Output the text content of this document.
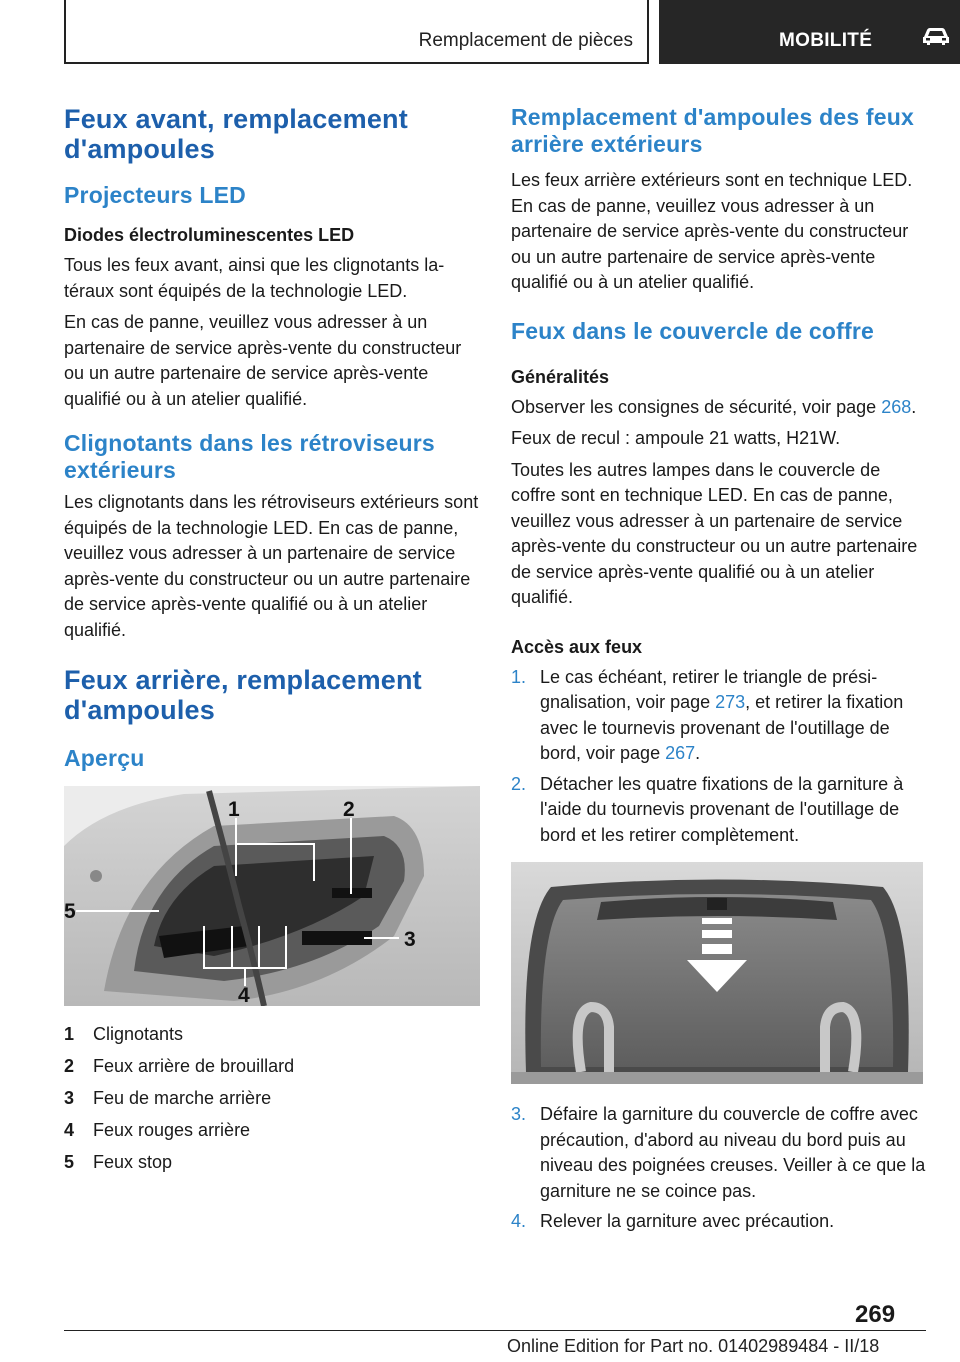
Remplacement de pièces	MOBILITÉ
Feux avant, remplacement d'ampoules
Projecteurs LED
Diodes électroluminescentes LED
Tous les feux avant, ainsi que les clignotants latéraux sont équipés de la technologie LED.
En cas de panne, veuillez vous adresser à un partenaire de service après-vente du constructeur ou un autre partenaire de service après-vente qualifié ou à un atelier qualifié.
Clignotants dans les rétroviseurs extérieurs
Les clignotants dans les rétroviseurs extérieurs sont équipés de la technologie LED. En cas de panne, veuillez vous adresser à un partenaire de service après-vente du constructeur ou un autre partenaire de service après-vente qualifié ou à un atelier qualifié.
Feux arrière, remplacement d'ampoules
Aperçu
1	2
3
4
5
1	Clignotants
2	Feux arrière de brouillard
3	Feu de marche arrière
4	Feux rouges arrière
5	Feux stop
Remplacement d'ampoules des feux arrière extérieurs
Les feux arrière extérieurs sont en technique LED. En cas de panne, veuillez vous adresser à un partenaire de service après-vente du constructeur ou un autre partenaire de service après-vente qualifié ou à un atelier qualifié.
Feux dans le couvercle de coffre
Généralités
Observer les consignes de sécurité, voir page 268.
Feux de recul : ampoule 21 watts, H21W.
Toutes les autres lampes dans le couvercle de coffre sont en technique LED. En cas de panne, veuillez vous adresser à un partenaire de service après-vente du constructeur ou un autre partenaire de service après-vente qualifié ou à un atelier qualifié.
Accès aux feux
1. Le cas échéant, retirer le triangle de présignalisation, voir page 273, et retirer la fixation avec le tournevis provenant de l'outillage de bord, voir page 267.
2. Détacher les quatre fixations de la garniture à l'aide du tournevis provenant de l'outillage de bord et les retirer complètement.
3. Défaire la garniture du couvercle de coffre avec précaution, d'abord au niveau du bord puis au niveau des poignées creuses. Veiller à ce que la garniture ne se coince pas.
4. Relever la garniture avec précaution.
269
Online Edition for Part no. 01402989484 - II/18
